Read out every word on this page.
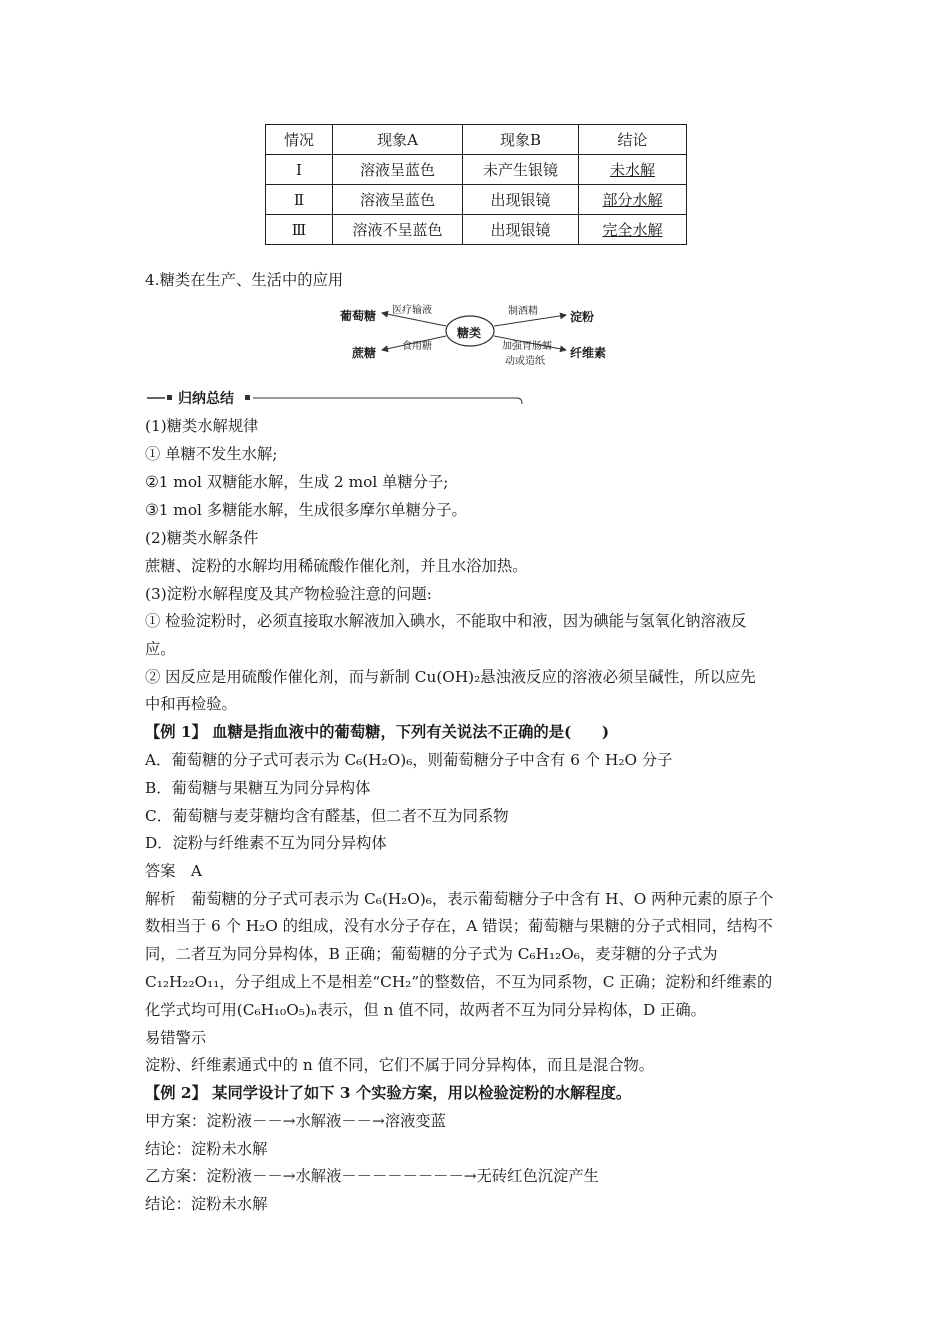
情况	现象A	现象B	结论
Ⅰ	溶液呈蓝色	未产生银镜	未水解
Ⅱ	溶液呈蓝色	出现银镜	部分水解
Ⅲ	溶液不呈蓝色	出现银镜	完全水解
4.糖类在生产、生活中的应用
糖类
葡萄糖 医疗输液
蔗糖	食用糖
淀粉
制酒精
纤维素
加强胃肠蠕
动或造纸
归纳总结
(1)糖类水解规律
① 单糖不发生水解;
②1 mol 双糖能水解，生成 2 mol 单糖分子;
③1 mol 多糖能水解，生成很多摩尔单糖分子。
(2)糖类水解条件
蔗糖、淀粉的水解均用稀硫酸作催化剂，并且水浴加热。
(3)淀粉水解程度及其产物检验注意的问题:
① 检验淀粉时，必须直接取水解液加入碘水，不能取中和液，因为碘能与氢氧化钠溶液反
应。
② 因反应是用硫酸作催化剂，而与新制 Cu(OH)₂悬浊液反应的溶液必须呈碱性，所以应先
中和再检验。
【例 1】 血糖是指血液中的葡萄糖，下列有关说法不正确的是(　　)
A．葡萄糖的分子式可表示为 C₆(H₂O)₆，则葡萄糖分子中含有 6 个 H₂O 分子
B．葡萄糖与果糖互为同分异构体
C．葡萄糖与麦芽糖均含有醛基，但二者不互为同系物
D．淀粉与纤维素不互为同分异构体
答案　A
解析　葡萄糖的分子式可表示为 C₆(H₂O)₆，表示葡萄糖分子中含有 H、O 两种元素的原子个
数相当于 6 个 H₂O 的组成，没有水分子存在，A 错误；葡萄糖与果糖的分子式相同，结构不
同，二者互为同分异构体，B 正确；葡萄糖的分子式为 C₆H₁₂O₆，麦芽糖的分子式为
C₁₂H₂₂O₁₁，分子组成上不是相差“CH₂”的整数倍，不互为同系物，C 正确；淀粉和纤维素的
化学式均可用(C₆H₁₀O₅)ₙ表示，但 n 值不同，故两者不互为同分异构体，D 正确。
易错警示
淀粉、纤维素通式中的 n 值不同，它们不属于同分异构体，而且是混合物。
【例 2】 某同学设计了如下 3 个实验方案，用以检验淀粉的水解程度。
甲方案：淀粉液－－→水解液－－→溶液变蓝
结论：淀粉未水解
乙方案：淀粉液－－→水解液－－－－－－－－→无砖红色沉淀产生
结论：淀粉未水解
